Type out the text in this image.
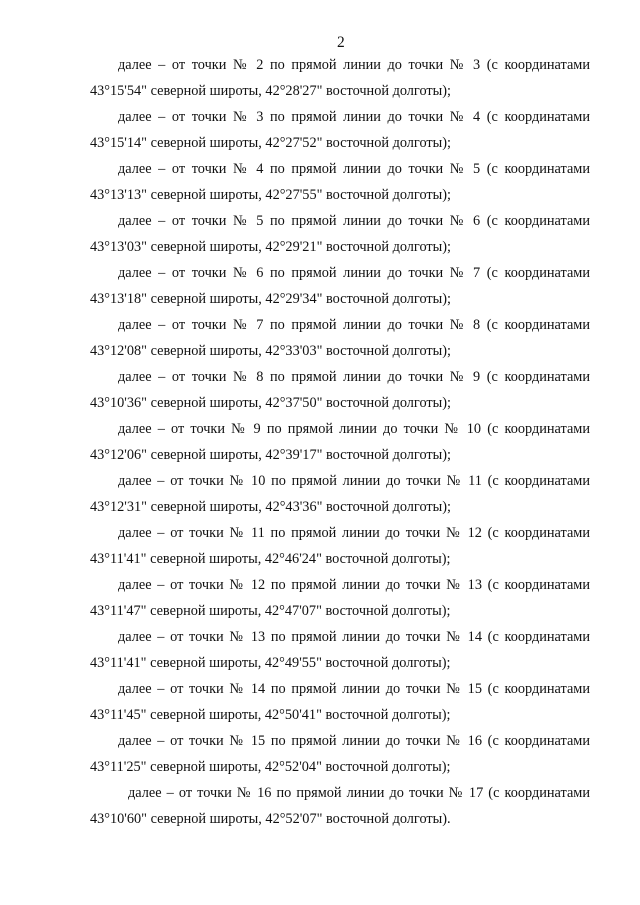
2

далее – от точки № 2 по прямой линии до точки № 3 (с координатами
43°15'54" северной широты, 42°28'27" восточной долготы);

далее – от точки № 3 по прямой линии до точки № 4 (с координатами
43°15'14" северной широты, 42°27'52" восточной долготы);

далее – от точки № 4 по прямой линии до точки № 5 (с координатами
43°13'13" северной широты, 42°27'55" восточной долготы);

далее – от точки № 5 по прямой линии до точки № 6 (с координатами
43°13'03" северной широты, 42°29'21" восточной долготы);

далее – от точки № 6 по прямой линии до точки № 7 (с координатами
43°13'18" северной широты, 42°29'34" восточной долготы);

далее – от точки № 7 по прямой линии до точки № 8 (с координатами
43°12'08" северной широты, 42°33'03" восточной долготы);

далее – от точки № 8 по прямой линии до точки № 9 (с координатами
43°10'36" северной широты, 42°37'50" восточной долготы);

далее – от точки № 9 по прямой линии до точки № 10 (с координатами
43°12'06" северной широты, 42°39'17" восточной долготы);

далее – от точки № 10 по прямой линии до точки № 11 (с координатами
43°12'31" северной широты, 42°43'36" восточной долготы);

далее – от точки № 11 по прямой линии до точки № 12 (с координатами
43°11'41" северной широты, 42°46'24" восточной долготы);

далее – от точки № 12 по прямой линии до точки № 13 (с координатами
43°11'47" северной широты, 42°47'07" восточной долготы);

далее – от точки № 13 по прямой линии до точки № 14 (с координатами
43°11'41" северной широты, 42°49'55" восточной долготы);

далее – от точки № 14 по прямой линии до точки № 15 (с координатами
43°11'45" северной широты, 42°50'41" восточной долготы);

далее – от точки № 15 по прямой линии до точки № 16 (с координатами
43°11'25" северной широты, 42°52'04" восточной долготы);

далее – от точки № 16 по прямой линии до точки № 17 (с координатами
43°10'60" северной широты, 42°52'07" восточной долготы).
